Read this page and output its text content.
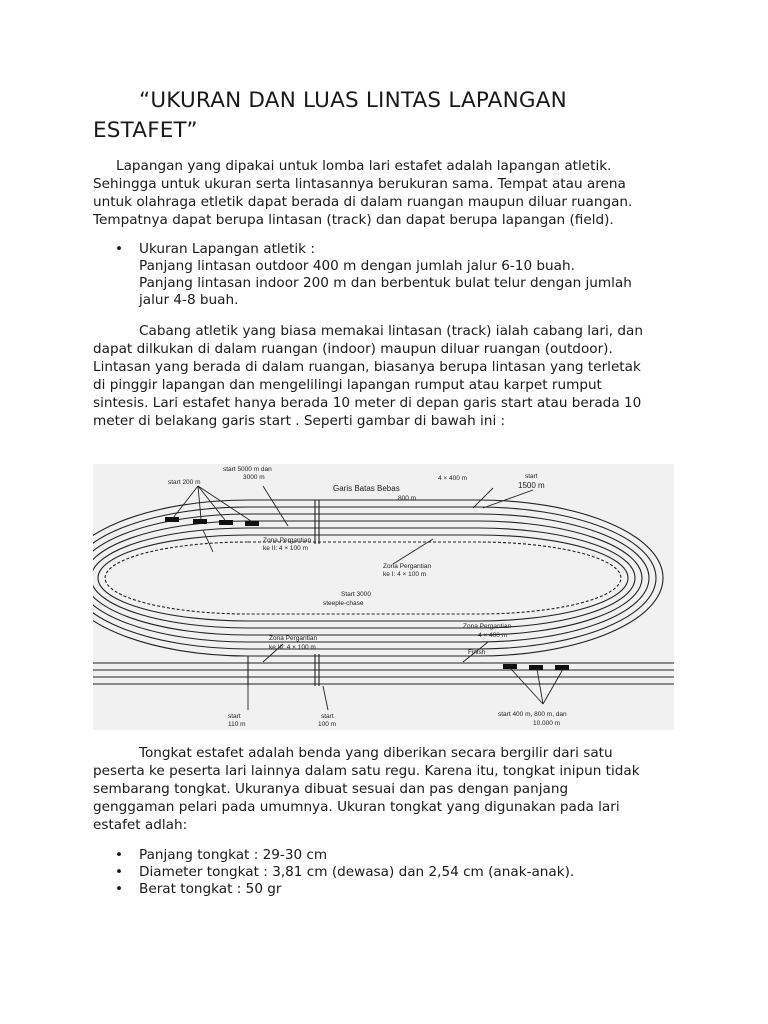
“UKURAN DAN LUAS LINTAS LAPANGAN
ESTAFET”
Lapangan yang dipakai untuk lomba lari estafet adalah lapangan atletik.
Sehingga untuk ukuran serta lintasannya berukuran sama. Tempat atau arena
untuk olahraga etletik dapat berada di dalam ruangan maupun diluar ruangan.
Tempatnya dapat berupa lintasan (track) dan dapat berupa lapangan (field).
•	Ukuran Lapangan atletik :
Panjang lintasan outdoor 400 m dengan jumlah jalur 6-10 buah.
Panjang lintasan indoor 200 m dan berbentuk bulat telur dengan jumlah
jalur 4-8 buah.
Cabang atletik yang biasa memakai lintasan (track) ialah cabang lari, dan
dapat dilkukan di dalam ruangan (indoor) maupun diluar ruangan (outdoor).
Lintasan yang berada di dalam ruangan, biasanya berupa lintasan yang terletak
di pinggir lapangan dan mengelilingi lapangan rumput atau karpet rumput
sintesis. Lari estafet hanya berada 10 meter di depan garis start atau berada 10
meter di belakang garis start . Seperti gambar di bawah ini :
start 200 m
start 5000 m dan
3000 m
Garis Batas Bebas
800 m
4 × 400 m	start
1500 m
Zona Pergantian
ke II: 4 × 100 m
Zona Pergantian
ke I: 4 × 100 m
Start 3000
steeple-chase
Zona Pergantian
ke III: 4 × 100 m
Zona Pergantian
4 × 400 m
Finish
start
110 m
start
100 m
start 400 m, 800 m, dan
10.000 m
Tongkat estafet adalah benda yang diberikan secara bergilir dari satu
peserta ke peserta lari lainnya dalam satu regu. Karena itu, tongkat inipun tidak
sembarang tongkat. Ukuranya dibuat sesuai dan pas dengan panjang
genggaman pelari pada umumnya. Ukuran tongkat yang digunakan pada lari
estafet adlah:
•	Panjang tongkat : 29-30 cm
•	Diameter tongkat : 3,81 cm (dewasa) dan 2,54 cm (anak-anak).
•	Berat tongkat : 50 gr
